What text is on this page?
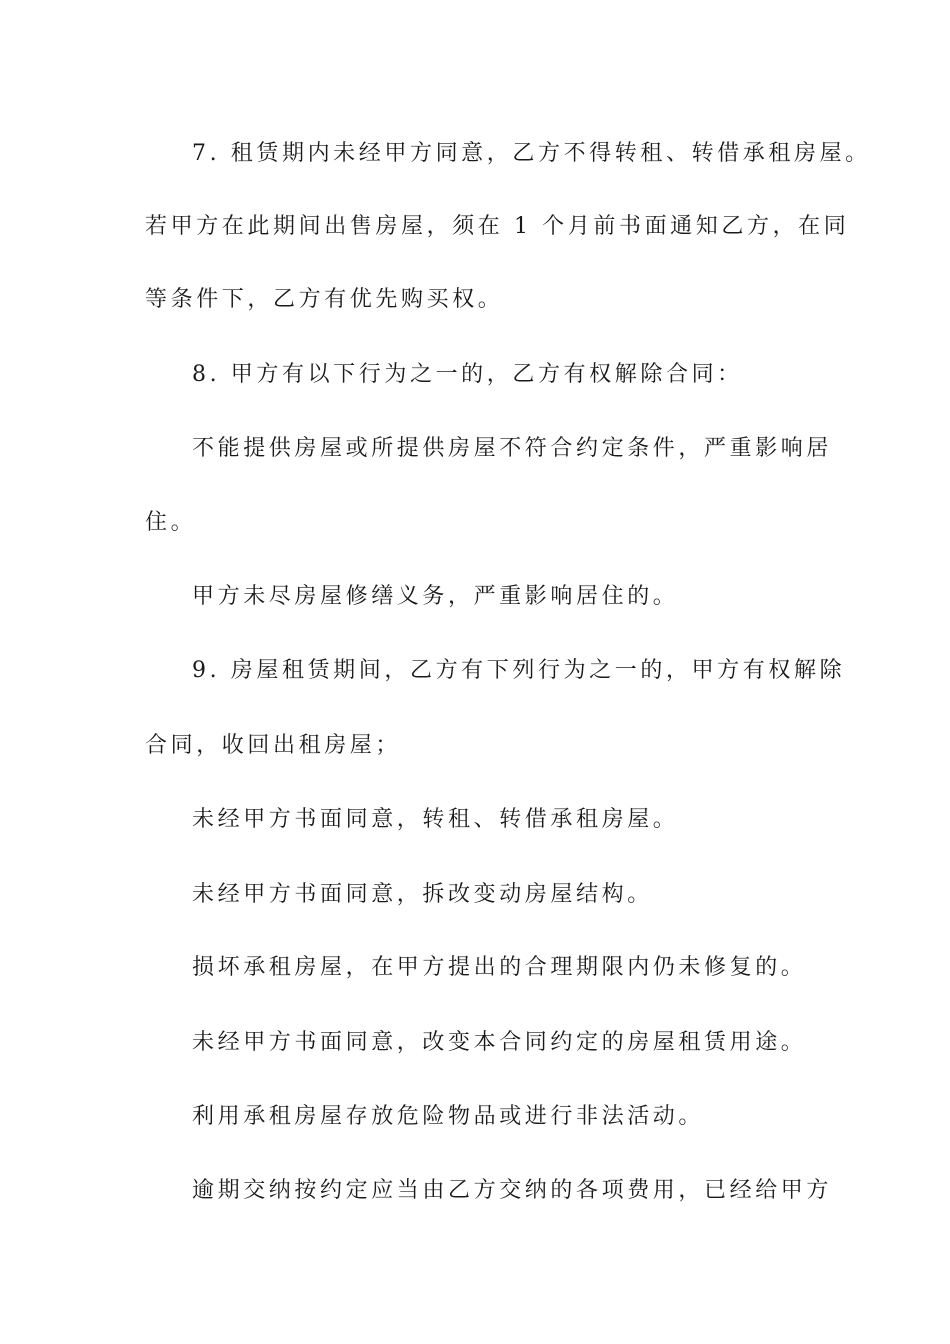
7. 租赁期内未经甲方同意，乙方不得转租、转借承租房屋。
若甲方在此期间出售房屋，须在 1 个月前书面通知乙方，在同
等条件下，乙方有优先购买权。
8. 甲方有以下行为之一的，乙方有权解除合同：
不能提供房屋或所提供房屋不符合约定条件，严重影响居
住。
甲方未尽房屋修缮义务，严重影响居住的。
9. 房屋租赁期间，乙方有下列行为之一的，甲方有权解除
合同，收回出租房屋；
未经甲方书面同意，转租、转借承租房屋。
未经甲方书面同意，拆改变动房屋结构。
损坏承租房屋，在甲方提出的合理期限内仍未修复的。
未经甲方书面同意，改变本合同约定的房屋租赁用途。
利用承租房屋存放危险物品或进行非法活动。
逾期交纳按约定应当由乙方交纳的各项费用，已经给甲方
